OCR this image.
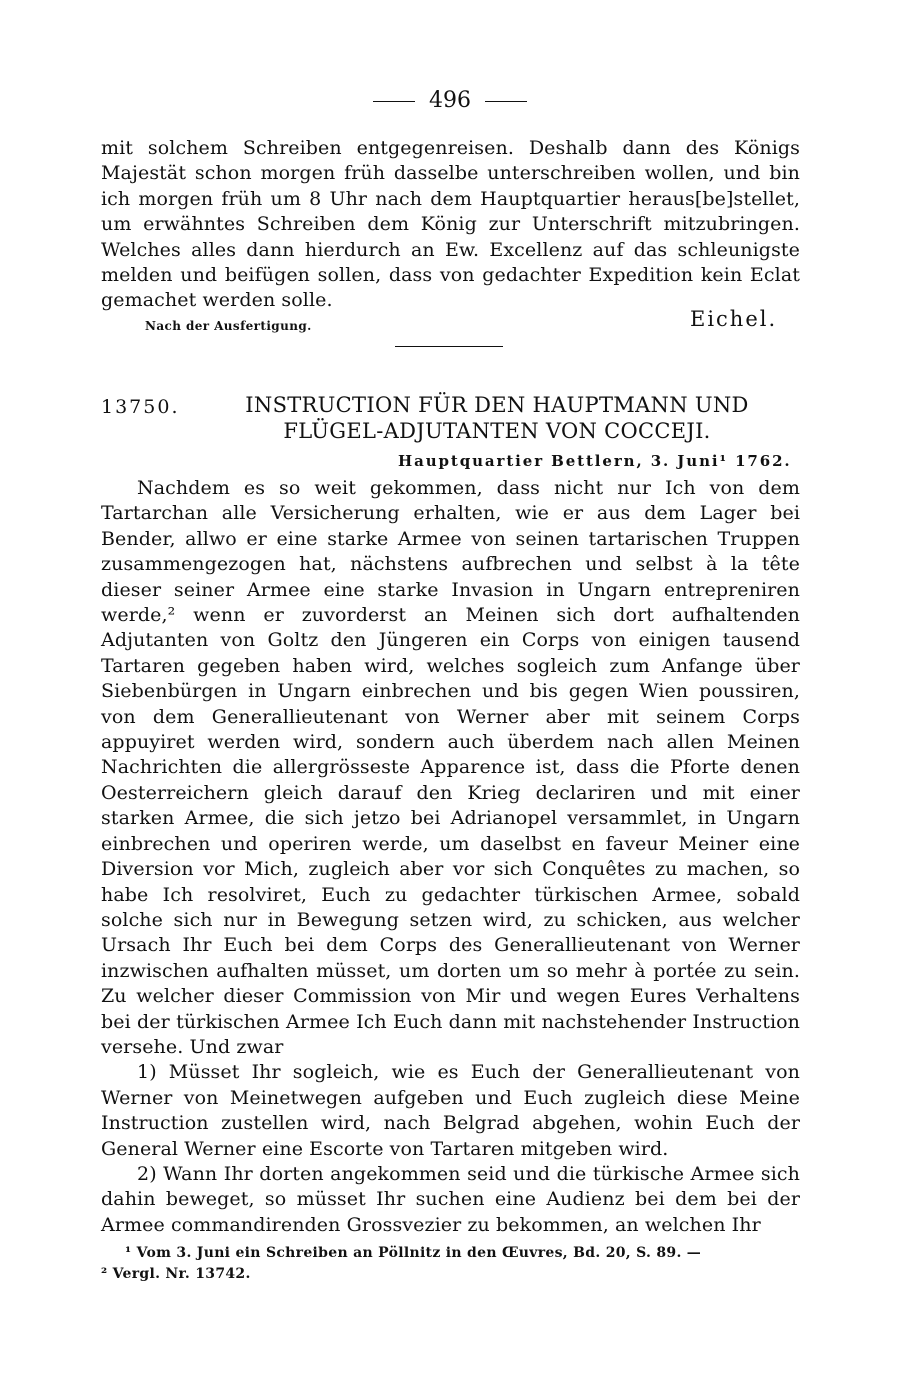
496

mit solchem Schreiben entgegenreisen. Deshalb dann des Königs Majestät schon morgen früh dasselbe unterschreiben wollen, und bin ich morgen früh um 8 Uhr nach dem Hauptquartier heraus[be]stellet, um erwähntes Schreiben dem König zur Unterschrift mitzubringen. Welches alles dann hierdurch an Ew. Excellenz auf das schleunigste melden und beifügen sollen, dass von gedachter Expedition kein Eclat gemachet werden solle.

Nach der Ausfertigung.	Eichel.
13750.	INSTRUCTION FÜR DEN HAUPTMANN UND FLÜGEL-ADJUTANTEN VON COCCEJI.
Hauptquartier Bettlern, 3. Juni¹ 1762.

Nachdem es so weit gekommen, dass nicht nur Ich von dem Tartarchan alle Versicherung erhalten, wie er aus dem Lager bei Bender, allwo er eine starke Armee von seinen tartarischen Truppen zusammengezogen hat, nächstens aufbrechen und selbst à la tête dieser seiner Armee eine starke Invasion in Ungarn entrepreniren werde,² wenn er zuvorderst an Meinen sich dort aufhaltenden Adjutanten von Goltz den Jüngeren ein Corps von einigen tausend Tartaren gegeben haben wird, welches sogleich zum Anfange über Siebenbürgen in Ungarn einbrechen und bis gegen Wien poussiren, von dem Generallieutenant von Werner aber mit seinem Corps appuyiret werden wird, sondern auch überdem nach allen Meinen Nachrichten die allergrösseste Apparence ist, dass die Pforte denen Oesterreichern gleich darauf den Krieg declariren und mit einer starken Armee, die sich jetzo bei Adrianopel versammlet, in Ungarn einbrechen und operiren werde, um daselbst en faveur Meiner eine Diversion vor Mich, zugleich aber vor sich Conquêtes zu machen, so habe Ich resolviret, Euch zu gedachter türkischen Armee, sobald solche sich nur in Bewegung setzen wird, zu schicken, aus welcher Ursach Ihr Euch bei dem Corps des Generallieutenant von Werner inzwischen aufhalten müsset, um dorten um so mehr à portée zu sein. Zu welcher dieser Commission von Mir und wegen Eures Verhaltens bei der türkischen Armee Ich Euch dann mit nachstehender Instruction versehe. Und zwar

1) Müsset Ihr sogleich, wie es Euch der Generallieutenant von Werner von Meinetwegen aufgeben und Euch zugleich diese Meine Instruction zustellen wird, nach Belgrad abgehen, wohin Euch der General Werner eine Escorte von Tartaren mitgeben wird.

2) Wann Ihr dorten angekommen seid und die türkische Armee sich dahin beweget, so müsset Ihr suchen eine Audienz bei dem bei der Armee commandirenden Grossvezier zu bekommen, an welchen Ihr

¹ Vom 3. Juni ein Schreiben an Pöllnitz in den Œuvres, Bd. 20, S. 89. —

² Vergl. Nr. 13742.
